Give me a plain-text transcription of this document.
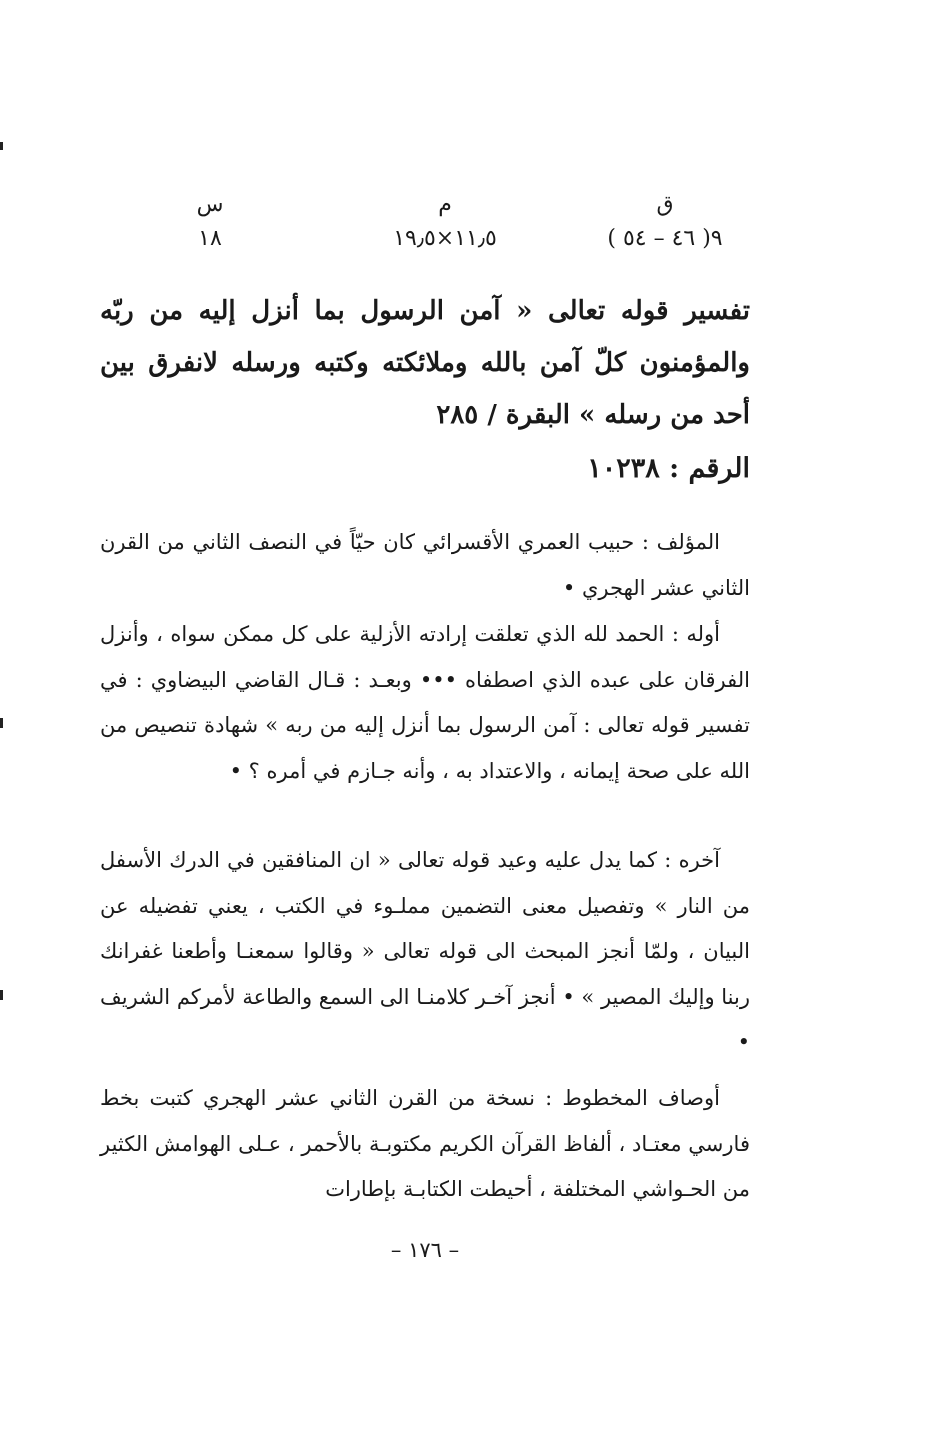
ق
٩( ٤٦ – ٥٤ )
م
١١٫٥×١٩٫٥
س
١٨
تفسير قوله تعالى « آمن الرسول بما أنزل إليه من ربّه والمؤمنون كلّ آمن بالله وملائكته وكتبه ورسله لانفرق بين أحد من رسله » البقرة / ٢٨٥
الرقم : ١٠٢٣٨
المؤلف : حبيب العمري الأقسرائي كان حيّاً في النصف الثاني من القرن الثاني عشر الهجري •
أوله : الحمد لله الذي تعلقت إرادته الأزلية على كل ممكن سواه ، وأنزل الفرقان على عبده الذي اصطفاه ••• وبعـد : قـال القاضي البيضاوي : في تفسير قوله تعالى : آمن الرسول بما أنزل إليه من ربه » شهادة تنصيص من الله على صحة إيمانه ، والاعتداد به ، وأنه جـازم في أمره ؟ •
آخره : كما يدل عليه وعيد قوله تعالى « ان المنافقين في الدرك الأسفل من النار » وتفصيل معنى التضمين مملـوء في الكتب ، يعني تفضيله عن البيان ، ولمّا أنجز المبحث الى قوله تعالى « وقالوا سمعنـا وأطعنا غفرانك ربنا وإليك المصير » • أنجز آخـر كلامنـا الى السمع والطاعة لأمركم الشريف •
أوصاف المخطوط : نسخة من القرن الثاني عشر الهجري كتبت بخط فارسي معتـاد ، ألفاظ القرآن الكريم مكتوبـة بالأحمر ، عـلى الهوامش الكثير من الحـواشي المختلفة ، أحيطت الكتابـة بإطارات
– ١٧٦ –
